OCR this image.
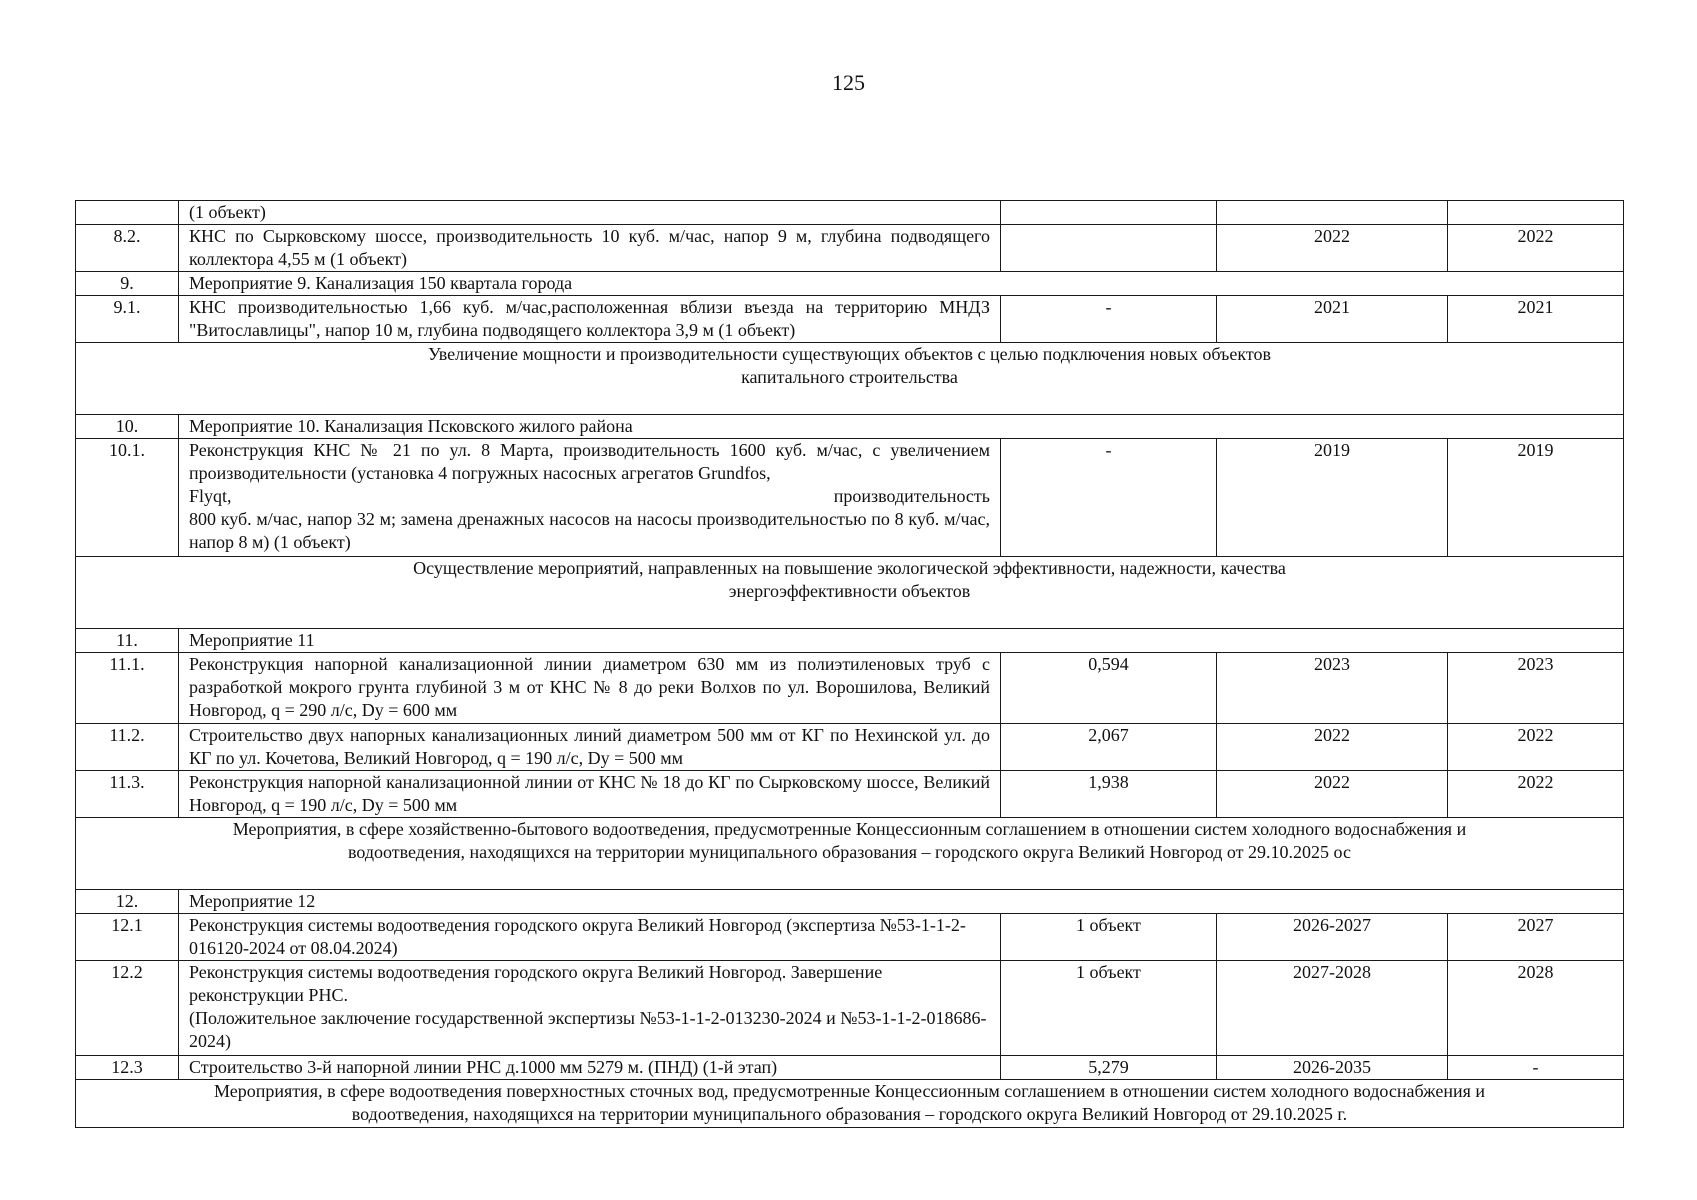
125
	(1 объект)			
8.2.	КНС по Сырковскому шоссе, производительность 10 куб. м/час, напор 9 м, глубина подводящего коллектора 4,55 м (1 объект)		2022	2022
9.	Мероприятие 9. Канализация 150 квартала города			
9.1.	КНС производительностью 1,66 куб. м/час,расположенная вблизи въезда на территорию МНДЗ "Витославлицы", напор 10 м, глубина подводящего коллектора 3,9 м (1 объект)	-	2021	2021

Увеличение мощности и производительности существующих объектов с целью подключения новых объектов
капитального строительства				

10.	Мероприятие 10. Канализация Псковского жилого района			
10.1.	Реконструкция КНС № 21 по ул. 8 Марта, производительность 1600 куб. м/час, с увеличением производительности (установка 4 погружных насосных агрегатов Grundfos,
Flyqt, производительность
800 куб. м/час, напор 32 м; замена дренажных насосов на насосы производительностью по 8 куб. м/час, напор 8 м) (1 объект)	-	2019	2019

Осуществление мероприятий, направленных на повышение экологической эффективности, надежности, качества
энергоэффективности объектов				

11.	Мероприятие 11			
11.1.	Реконструкция напорной канализационной линии диаметром 630 мм из полиэтиленовых труб с разработкой мокрого грунта глубиной 3 м от КНС № 8 до реки Волхов по ул. Ворошилова, Великий Новгород, q = 290 л/с, Dy = 600 мм	0,594	2023	2023
11.2.	Строительство двух напорных канализационных линий диаметром 500 мм от КГ по Нехинской ул. до КГ по ул. Кочетова, Великий Новгород, q = 190 л/с, Dy = 500 мм	2,067	2022	2022
11.3.	Реконструкция напорной канализационной линии от КНС № 18 до КГ по Сырковскому шоссе, Великий Новгород, q = 190 л/с, Dy = 500 мм	1,938	2022	2022

Мероприятия, в сфере хозяйственно-бытового водоотведения, предусмотренные Концессионным соглашением в отношении систем холодного водоснабжения и
водоотведения, находящихся на территории муниципального образования – городского округа Великий Новгород от 29.10.2025 ос				

12.	Мероприятие 12			
12.1	Реконструкция системы водоотведения городского округа Великий Новгород (экспертиза №53-1-1-2-016120-2024 от 08.04.2024)	1 объект	2026-2027	2027
12.2	Реконструкция системы водоотведения городского округа Великий Новгород. Завершение реконструкции РНС.
(Положительное заключение государственной экспертизы №53-1-1-2-013230-2024 и №53-1-1-2-018686-2024)	1 объект	2027-2028	2028
12.3	Строительство 3-й напорной линии РНС д.1000 мм 5279 м. (ПНД) (1-й этап)	5,279	2026-2035	-

Мероприятия, в сфере водоотведения поверхностных сточных вод, предусмотренные Концессионным соглашением в отношении систем холодного водоснабжения и
водоотведения, находящихся на территории муниципального образования – городского округа Великий Новгород от 29.10.2025 г.				
